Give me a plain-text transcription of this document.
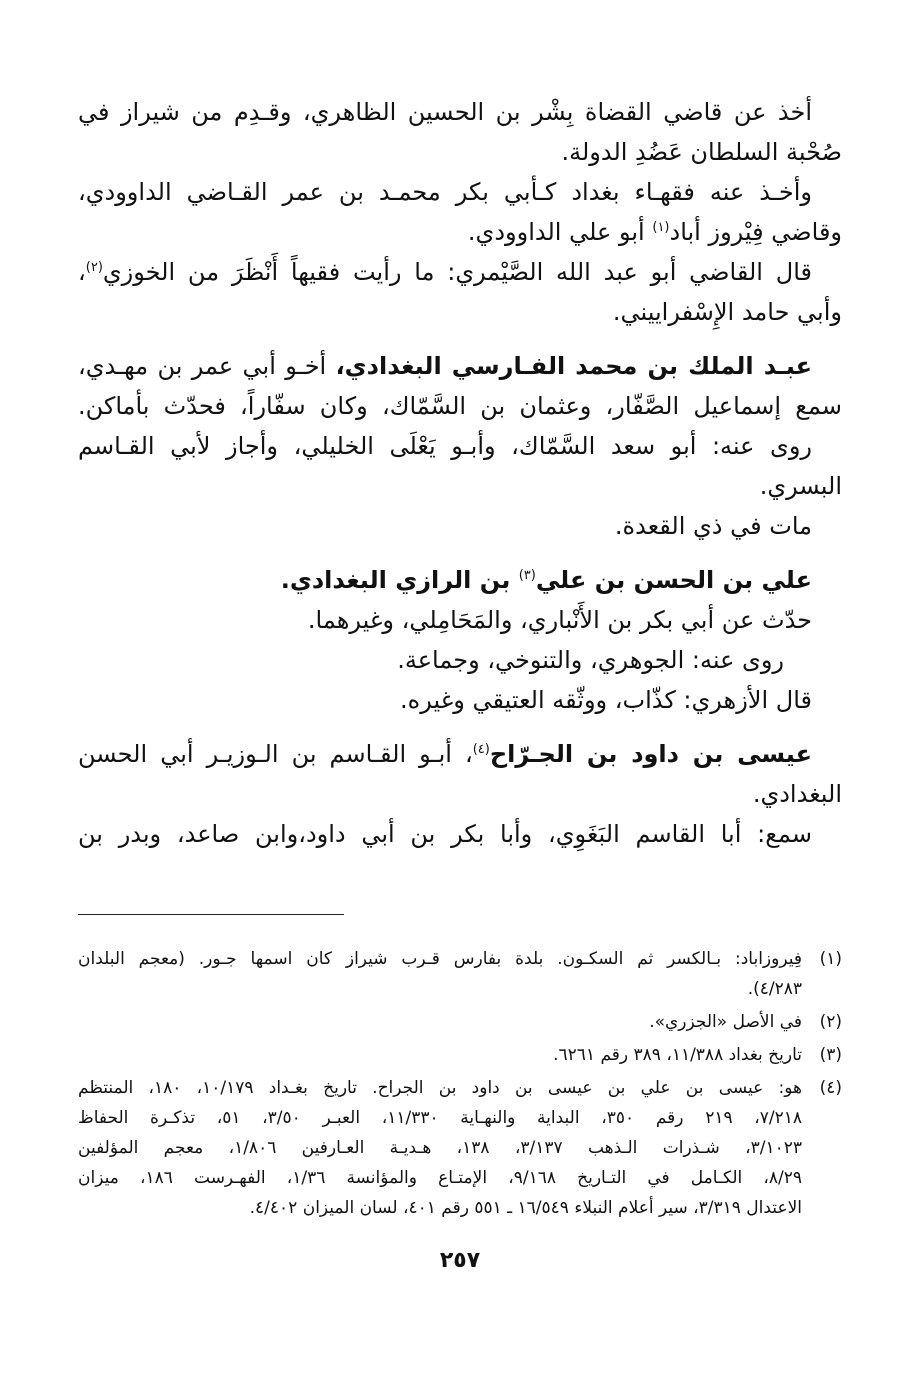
أخذ عن قاضي القضاة بِشْر بن الحسين الظاهري، وقـدِم من شيراز في
صُحْبة السلطان عَضُدِ الدولة.
وأخـذ عنه فقهـاء بغداد كـأبي بكر محمـد بن عمر القـاضي الداوودي،
وقاضي فِيْروز أباد$^{(١)}$ أبو علي الداوودي.
قال القاضي أبو عبد الله الصَّيْمري: ما رأيت فقيهاً أَنْظَرَ من الخوزي$^{(٢)}$،
وأبي حامد الإِسْفراييني.
عبـد الملك بن محمد الفـارسي البغدادي، أخـو أبي عمر بن مهـدي،
سمع إسماعيل الصَّفّار، وعثمان بن السَّمّاك، وكان سفّاراً، فحدّث بأماكن.
روى عنه: أبو سعد السَّمّاك، وأبـو يَعْلَى الخليلي، وأجاز لأبي القـاسم
البسري.
مات في ذي القعدة.
علي بن الحسن بن علي$^{(٣)}$ بن الرازي البغدادي.
حدّث عن أبي بكر بن الأَنْباري، والمَحَامِلي، وغيرهما.
روى عنه: الجوهري، والتنوخي، وجماعة.
قال الأزهري: كذّاب، ووثّقه العتيقي وغيره.
عيسى بن داود بن الجـرّاح$^{(٤)}$، أبـو القـاسم بن الـوزيـر أبي الحسن
البغدادي.
سمع: أبا القاسم البَغَوِي، وأبا بكر بن أبي داود،وابن صاعد، وبدر بن
(١)
فِيروزاباد: بـالكسر ثم السكـون. بلدة بفارس قـرب شيراز كان اسمها جـور. (معجم البلدان
٤/٢٨٣).
(٢)
في الأصل «الجزري».
(٣)
تاريخ بغداد ١١/٣٨٨، ٣٨٩ رقم ٦٢٦١.
(٤)
هو: عيسى بن علي بن عيسى بن داود بن الجراح. تاريخ بغـداد ١٠/١٧٩، ١٨٠، المنتظم
٧/٢١٨، ٢١٩ رقم ٣٥٠، البداية والنهـاية ١١/٣٣٠، العبـر ٣/٥٠، ٥١، تذكـرة الحفاظ
٣/١٠٢٣، شـذرات الـذهب ٣/١٣٧، ١٣٨، هـديـة العـارفين ١/٨٠٦، معجم المؤلفين
٨/٢٩، الكـامل في التـاريخ ٩/١٦٨، الإمتـاع والمؤانسة ١/٣٦، الفهـرست ١٨٦، ميزان
الاعتدال ٣/٣١٩، سير أعلام النبلاء ١٦/٥٤٩ ـ ٥٥١ رقم ٤٠١، لسان الميزان ٤/٤٠٢.
٢٥٧
